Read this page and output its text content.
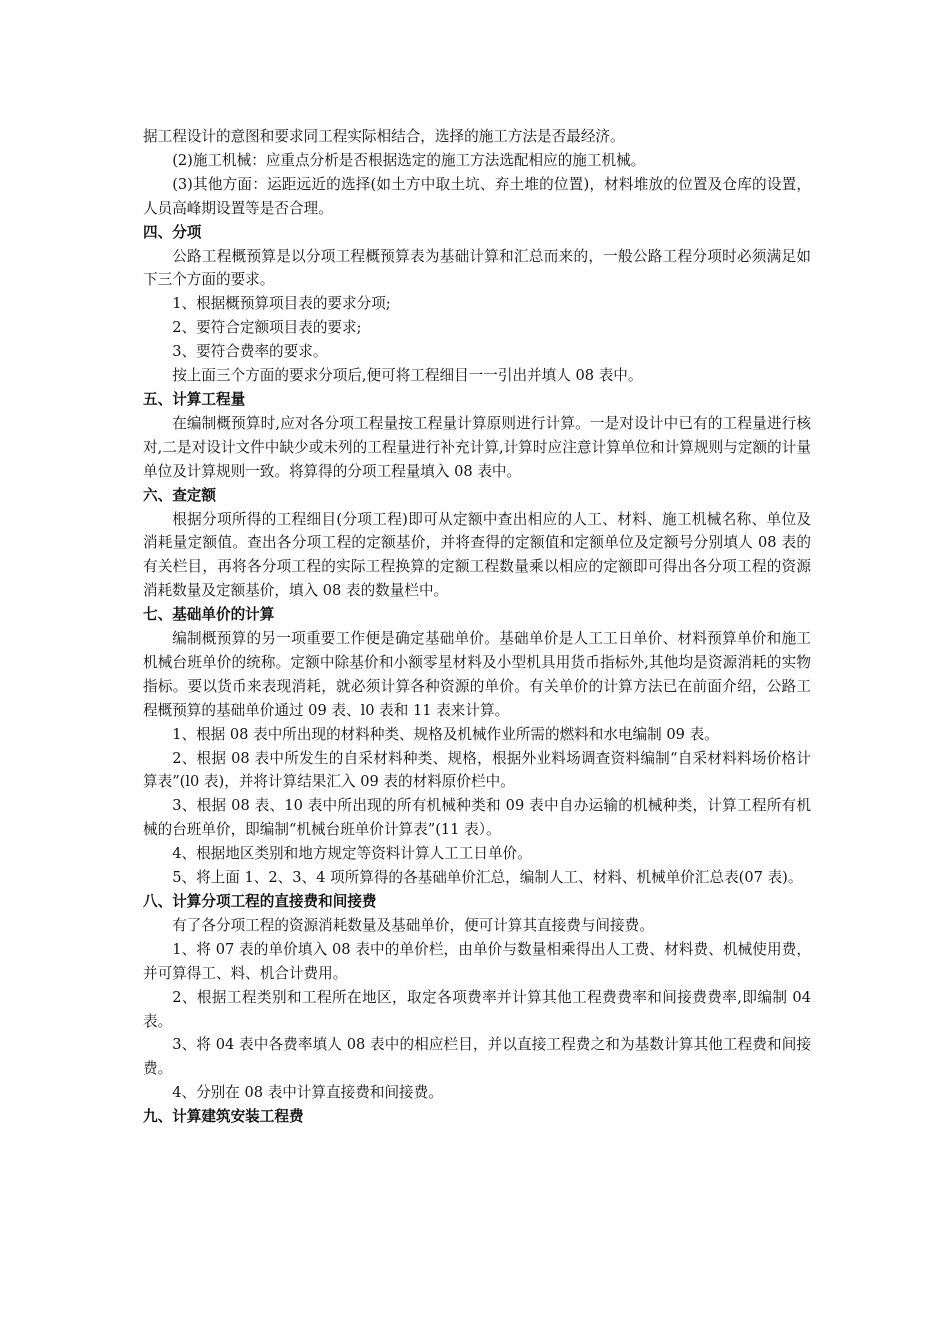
据工程设计的意图和要求同工程实际相结合，选择的施工方法是否最经济。

(2)施工机械：应重点分析是否根据选定的施工方法选配相应的施工机械。

(3)其他方面：运距远近的选择(如土方中取土坑、弃土堆的位置)，材料堆放的位置及仓库的设置，人员高峰期设置等是否合理。

四、分项

公路工程概预算是以分项工程概预算表为基础计算和汇总而来的，一般公路工程分项时必须满足如下三个方面的要求。

1、根据概预算项目表的要求分项;

2、要符合定额项目表的要求;

3、要符合费率的要求。

按上面三个方面的要求分项后,便可将工程细目一一引出并填人 08 表中。

五、计算工程量

在编制概预算时,应对各分项工程量按工程量计算原则进行计算。一是对设计中已有的工程量进行核对,二是对设计文件中缺少或未列的工程量进行补充计算,计算时应注意计算单位和计算规则与定额的计量单位及计算规则一致。将算得的分项工程量填入 08 表中。

六、查定额

根据分项所得的工程细目(分项工程)即可从定额中查出相应的人工、材料、施工机械名称、单位及消耗量定额值。查出各分项工程的定额基价，并将查得的定额值和定额单位及定额号分别填人 08 表的有关栏目，再将各分项工程的实际工程换算的定额工程数量乘以相应的定额即可得出各分项工程的资源消耗数量及定额基价，填入 08 表的数量栏中。

七、基础单价的计算

编制概预算的另一项重要工作便是确定基础单价。基础单价是人工工日单价、材料预算单价和施工机械台班单价的统称。定额中除基价和小额零星材料及小型机具用货币指标外,其他均是资源消耗的实物指标。要以货币来表现消耗，就必须计算各种资源的单价。有关单价的计算方法已在前面介绍，公路工程概预算的基础单价通过 09 表、l0 表和 11 表来计算。

1、根据 08 表中所出现的材料种类、规格及机械作业所需的燃料和水电编制 09 表。

2、根据 08 表中所发生的自采材料种类、规格，根据外业料场调查资料编制“自采材料料场价格计算表”(l0 表)，并将计算结果汇入 09 表的材料原价栏中。

3、根据 08 表、10 表中所出现的所有机械种类和 09 表中自办运输的机械种类，计算工程所有机械的台班单价，即编制“机械台班单价计算表”(11 表）。

4、根据地区类别和地方规定等资料计算人工工日单价。

5、将上面 1、2、3、4 项所算得的各基础单价汇总，编制人工、材料、机械单价汇总表(07 表)。

八、计算分项工程的直接费和间接费

有了各分项工程的资源消耗数量及基础单价，便可计算其直接费与间接费。

1、将 07 表的单价填入 08 表中的单价栏，由单价与数量相乘得出人工费、材料费、机械使用费，并可算得工、料、机合计费用。

2、根据工程类别和工程所在地区，取定各项费率并计算其他工程费费率和间接费费率,即编制 04 表。

3、将 04 表中各费率填人 08 表中的相应栏目，并以直接工程费之和为基数计算其他工程费和间接费。

4、分别在 08 表中计算直接费和间接费。

九、计算建筑安装工程费
